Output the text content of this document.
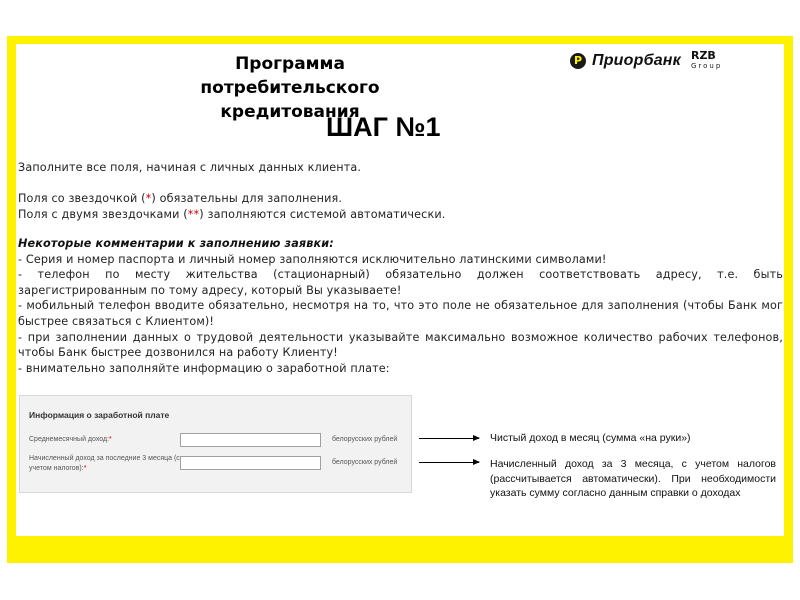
Программа потребительского кредитования
P Приорбанк RZB
Group
ШАГ №1
Заполните все поля, начиная с личных данных клиента.
Поля со звездочкой (*) обязательны для заполнения.
Поля с двумя звездочками (**) заполняются системой автоматически.
Некоторые комментарии к заполнению заявки:
- Серия и номер паспорта и личный номер заполняются исключительно латинскими символами!
- телефон по месту жительства (стационарный) обязательно должен соответствовать адресу, т.е. быть зарегистрированным по тому адресу, который Вы указываете!
- мобильный телефон вводите обязательно, несмотря на то, что это поле не обязательное для заполнения (чтобы Банк мог быстрее связаться с Клиентом)!
- при заполнении данных о трудовой деятельности указывайте максимально возможное количество рабочих телефонов, чтобы Банк быстрее дозвонился на работу Клиенту!
- внимательно заполняйте информацию о заработной плате:
Информация о заработной плате
Среднемесячный доход:*	белорусских рублей
Начисленный доход за последние 3 месяца (с учетом налогов):*
белорусских рублей
Чистый доход в месяц (сумма «на руки»)
Начисленный доход за 3 месяца, с учетом налогов (рассчитывается автоматически). При необходимости указать сумму согласно данным справки о доходах
